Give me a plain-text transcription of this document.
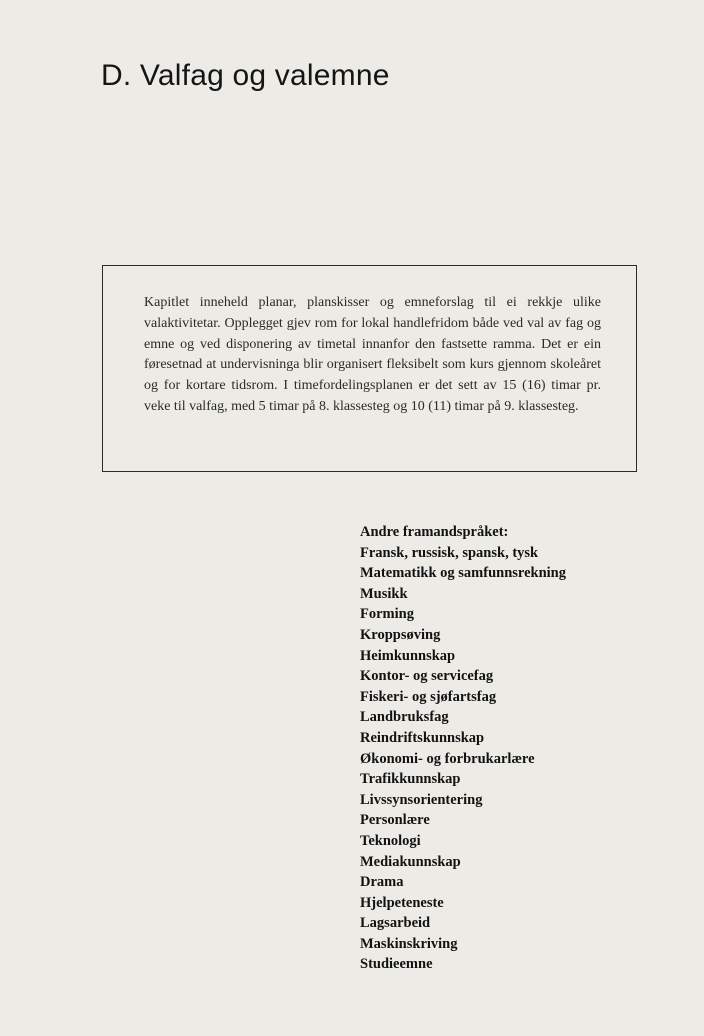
D. Valfag og valemne

Kapitlet inneheld planar, planskisser og emneforslag til ei rekkje ulike valaktivitetar. Opplegget gjev rom for lokal handlefridom både ved val av fag og emne og ved disponering av timetal innanfor den fastsette ramma. Det er ein føresetnad at undervisninga blir organisert fleksibelt som kurs gjennom skoleåret og for kortare tidsrom. I timefordelingsplanen er det sett av 15 (16) timar pr. veke til valfag, med 5 timar på 8. klassesteg og 10 (11) timar på 9. klassesteg.

Andre framandspråket:
Fransk, russisk, spansk, tysk
Matematikk og samfunnsrekning
Musikk
Forming
Kroppsøving
Heimkunnskap
Kontor- og servicefag
Fiskeri- og sjøfartsfag
Landbruksfag
Reindriftskunnskap
Økonomi- og forbrukarlære
Trafikkunnskap
Livssynsorientering
Personlære
Teknologi
Mediakunnskap
Drama
Hjelpeteneste
Lagsarbeid
Maskinskriving
Studieemne
